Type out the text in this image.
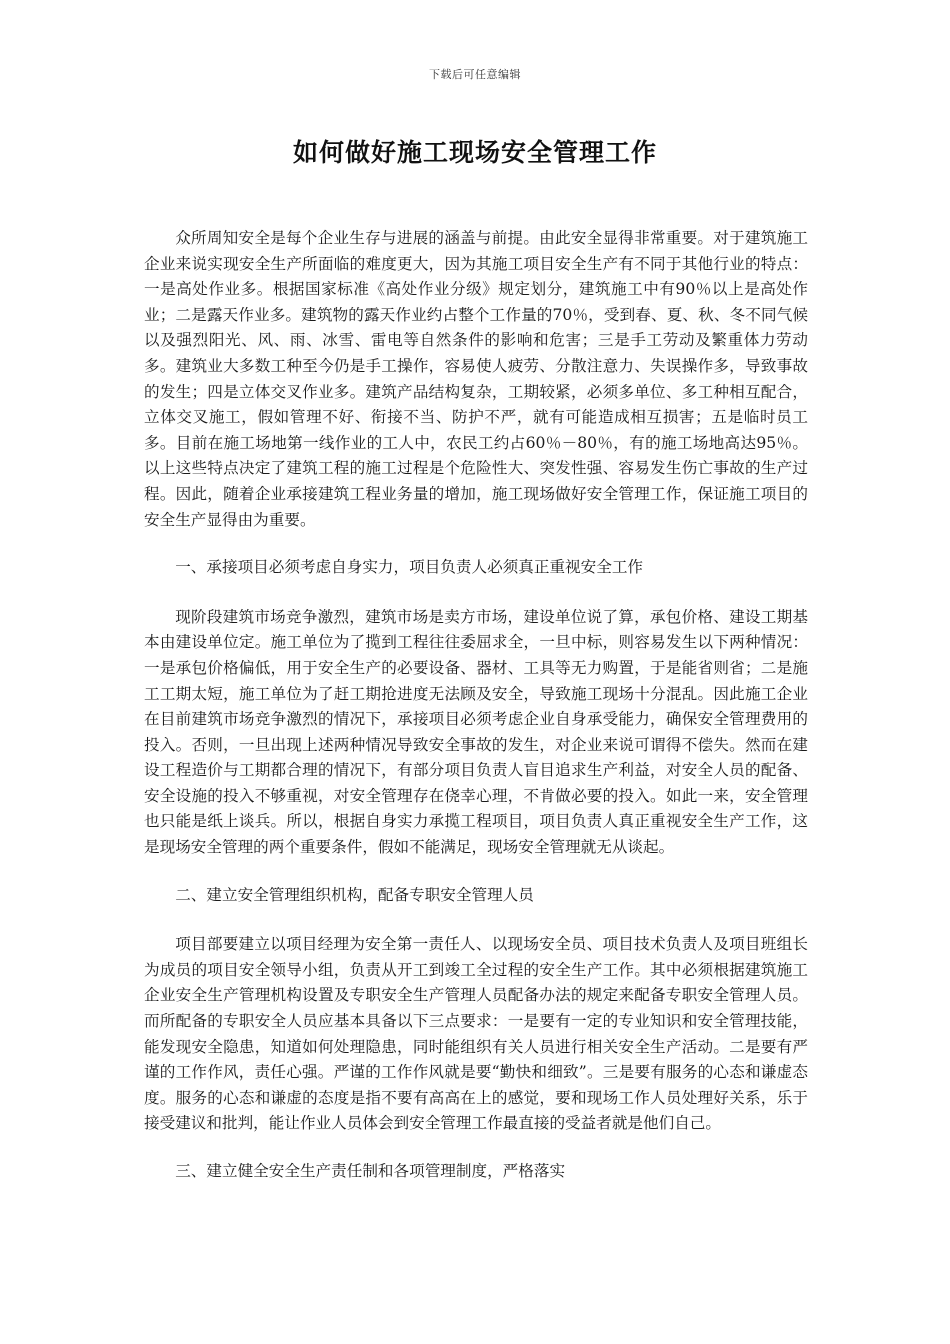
下载后可任意编辑
如何做好施工现场安全管理工作

众所周知安全是每个企业生存与进展的涵盖与前提。由此安全显得非常重要。对于建筑施工企业来说实现安全生产所面临的难度更大，因为其施工项目安全生产有不同于其他行业的特点：一是高处作业多。根据国家标准《高处作业分级》规定划分，建筑施工中有90％以上是高处作业；二是露天作业多。建筑物的露天作业约占整个工作量的70％，受到春、夏、秋、冬不同气候以及强烈阳光、风、雨、冰雪、雷电等自然条件的影响和危害；三是手工劳动及繁重体力劳动多。建筑业大多数工种至今仍是手工操作，容易使人疲劳、分散注意力、失误操作多，导致事故的发生；四是立体交叉作业多。建筑产品结构复杂，工期较紧，必须多单位、多工种相互配合，立体交叉施工，假如管理不好、衔接不当、防护不严，就有可能造成相互损害；五是临时员工多。目前在施工场地第一线作业的工人中，农民工约占60％－80％，有的施工场地高达95％。以上这些特点决定了建筑工程的施工过程是个危险性大、突发性强、容易发生伤亡事故的生产过程。因此，随着企业承接建筑工程业务量的增加，施工现场做好安全管理工作，保证施工项目的安全生产显得由为重要。

一、承接项目必须考虑自身实力，项目负责人必须真正重视安全工作

现阶段建筑市场竞争激烈，建筑市场是卖方市场，建设单位说了算，承包价格、建设工期基本由建设单位定。施工单位为了揽到工程往往委屈求全，一旦中标，则容易发生以下两种情况：一是承包价格偏低，用于安全生产的必要设备、器材、工具等无力购置，于是能省则省；二是施工工期太短，施工单位为了赶工期抢进度无法顾及安全，导致施工现场十分混乱。因此施工企业在目前建筑市场竞争激烈的情况下，承接项目必须考虑企业自身承受能力，确保安全管理费用的投入。否则，一旦出现上述两种情况导致安全事故的发生，对企业来说可谓得不偿失。然而在建设工程造价与工期都合理的情况下，有部分项目负责人盲目追求生产利益，对安全人员的配备、安全设施的投入不够重视，对安全管理存在侥幸心理，不肯做必要的投入。如此一来，安全管理也只能是纸上谈兵。所以，根据自身实力承揽工程项目，项目负责人真正重视安全生产工作，这是现场安全管理的两个重要条件，假如不能满足，现场安全管理就无从谈起。

二、建立安全管理组织机构，配备专职安全管理人员

项目部要建立以项目经理为安全第一责任人、以现场安全员、项目技术负责人及项目班组长为成员的项目安全领导小组，负责从开工到竣工全过程的安全生产工作。其中必须根据建筑施工企业安全生产管理机构设置及专职安全生产管理人员配备办法的规定来配备专职安全管理人员。而所配备的专职安全人员应基本具备以下三点要求：一是要有一定的专业知识和安全管理技能，能发现安全隐患，知道如何处理隐患，同时能组织有关人员进行相关安全生产活动。二是要有严谨的工作作风，责任心强。严谨的工作作风就是要“勤快和细致”。三是要有服务的心态和谦虚态度。服务的心态和谦虚的态度是指不要有高高在上的感觉，要和现场工作人员处理好关系，乐于接受建议和批判，能让作业人员体会到安全管理工作最直接的受益者就是他们自己。

三、建立健全安全生产责任制和各项管理制度，严格落实
